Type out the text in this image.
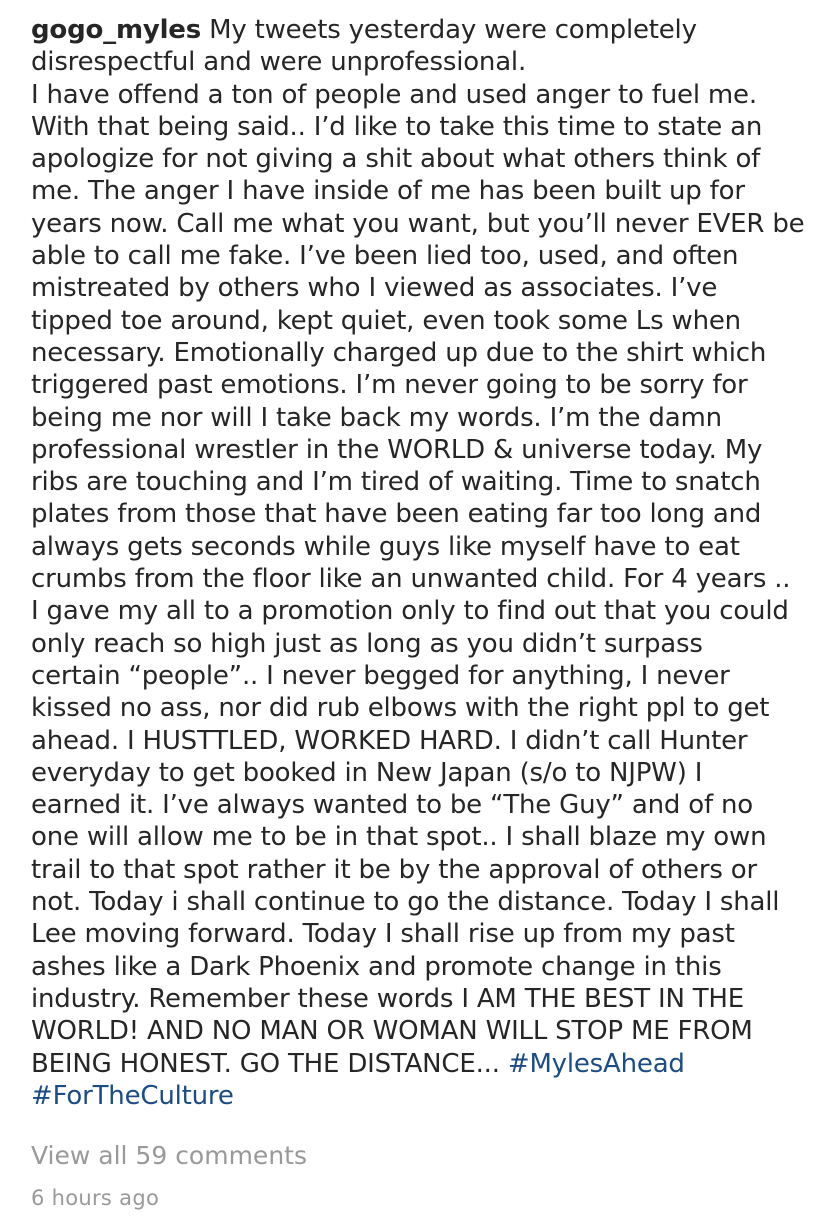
gogo_myles My tweets yesterday were completely
disrespectful and were unprofessional.
I have offend a ton of people and used anger to fuel me.
With that being said.. I’d like to take this time to state an
apologize for not giving a shit about what others think of
me. The anger I have inside of me has been built up for
years now. Call me what you want, but you’ll never EVER be
able to call me fake. I’ve been lied too, used, and often
mistreated by others who I viewed as associates. I’ve
tipped toe around, kept quiet, even took some Ls when
necessary. Emotionally charged up due to the shirt which
triggered past emotions. I’m never going to be sorry for
being me nor will I take back my words. I’m the damn
professional wrestler in the WORLD & universe today. My
ribs are touching and I’m tired of waiting. Time to snatch
plates from those that have been eating far too long and
always gets seconds while guys like myself have to eat
crumbs from the floor like an unwanted child. For 4 years ..
I gave my all to a promotion only to find out that you could
only reach so high just as long as you didn’t surpass
certain “people”.. I never begged for anything, I never
kissed no ass, nor did rub elbows with the right ppl to get
ahead. I HUSTTLED, WORKED HARD. I didn’t call Hunter
everyday to get booked in New Japan (s/o to NJPW) I
earned it. I’ve always wanted to be “The Guy” and of no
one will allow me to be in that spot.. I shall blaze my own
trail to that spot rather it be by the approval of others or
not. Today i shall continue to go the distance. Today I shall
Lee moving forward. Today I shall rise up from my past
ashes like a Dark Phoenix and promote change in this
industry. Remember these words I AM THE BEST IN THE
WORLD! AND NO MAN OR WOMAN WILL STOP ME FROM
BEING HONEST. GO THE DISTANCE... #MylesAhead
#ForTheCulture
View all 59 comments
6 hours ago
